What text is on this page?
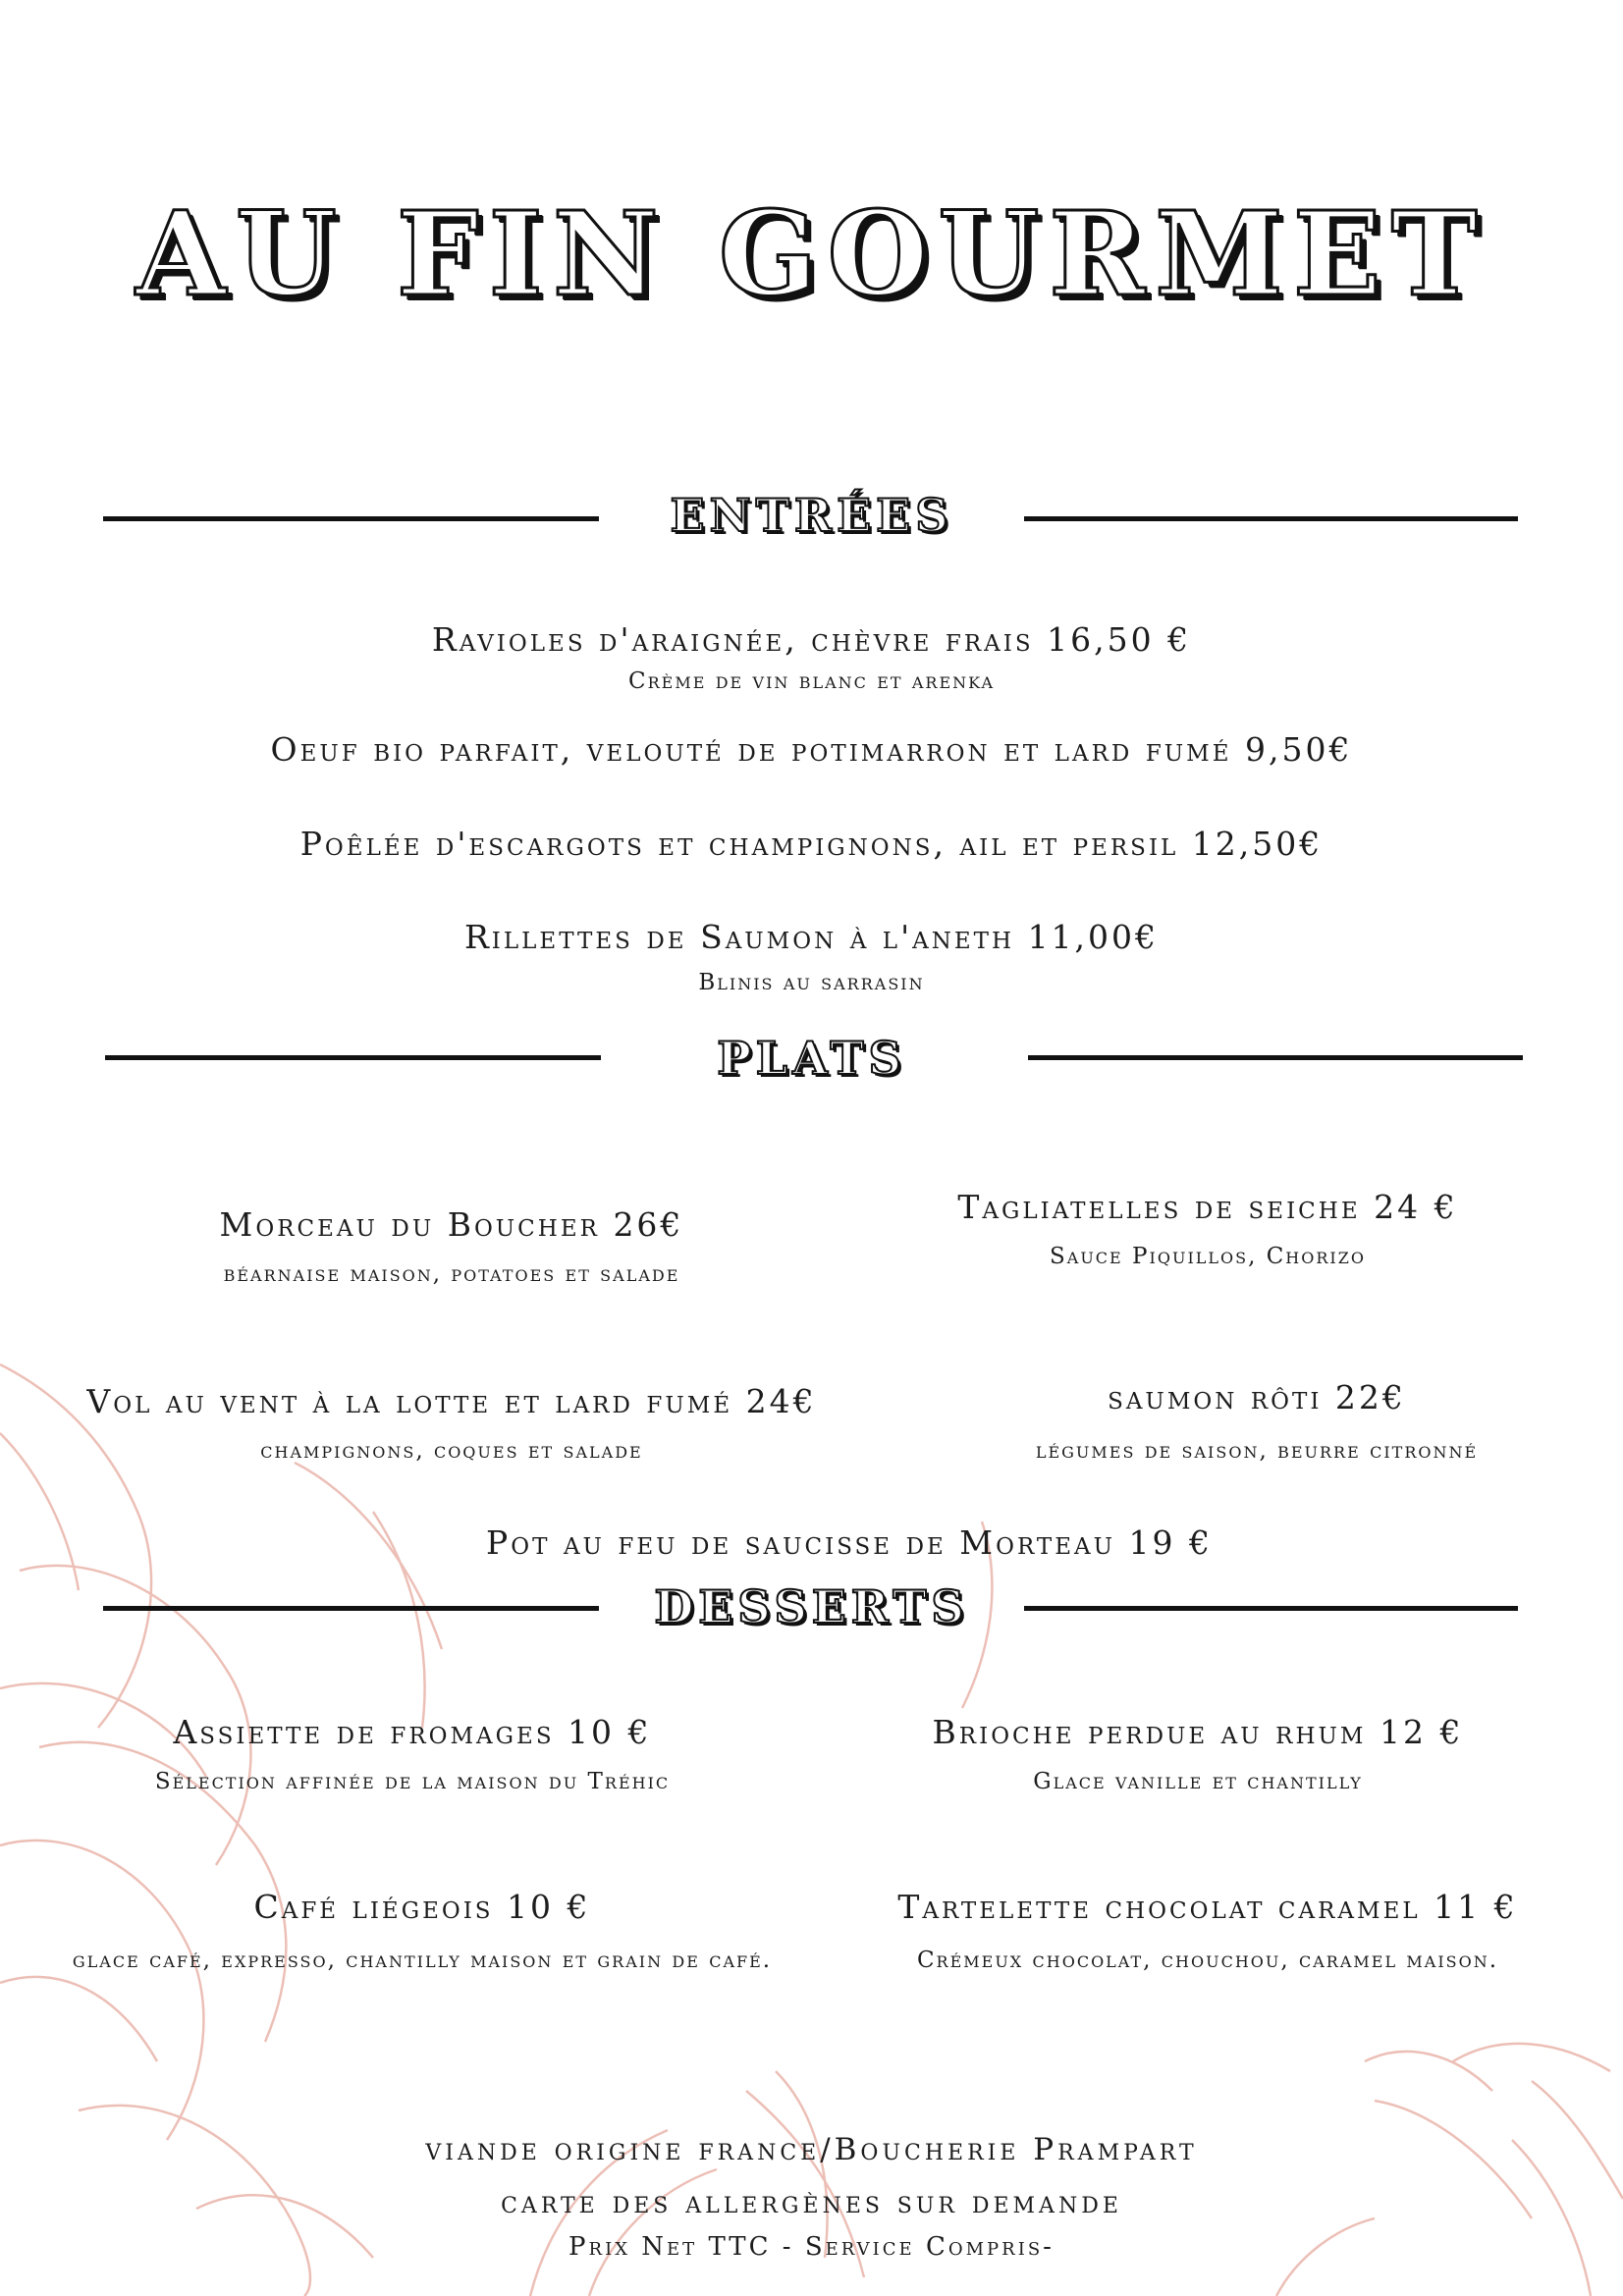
AU FIN GOURMET
ENTRÉES
Ravioles d'araignée, chèvre frais 16,50 €
Crème de vin blanc et arenka
Oeuf bio parfait, velouté de potimarron et lard fumé 9,50€
Poêlée d'escargots et champignons, ail et persil 12,50€
Rillettes de Saumon à l'aneth 11,00€
Blinis au sarrasin
PLATS
Morceau du Boucher 26€
béarnaise maison, potatoes et salade
Tagliatelles de seiche 24 €
Sauce Piquillos, Chorizo
Vol au vent à la lotte et lard fumé 24€
champignons, coques et salade
saumon rôti 22€
légumes de saison, beurre citronné
Pot au feu de saucisse de Morteau 19 €
DESSERTS
Assiette de fromages 10 €
Sélection affinée de la maison du Tréhic
Brioche perdue au rhum 12 €
Glace vanille et chantilly
Café liégeois 10 €
glace café, expresso, chantilly maison et grain de café.
Tartelette chocolat caramel 11 €
Crémeux chocolat, chouchou, caramel maison.
viande origine france/Boucherie Prampart
carte des allergènes sur demande
Prix Net TTC - Service Compris-
